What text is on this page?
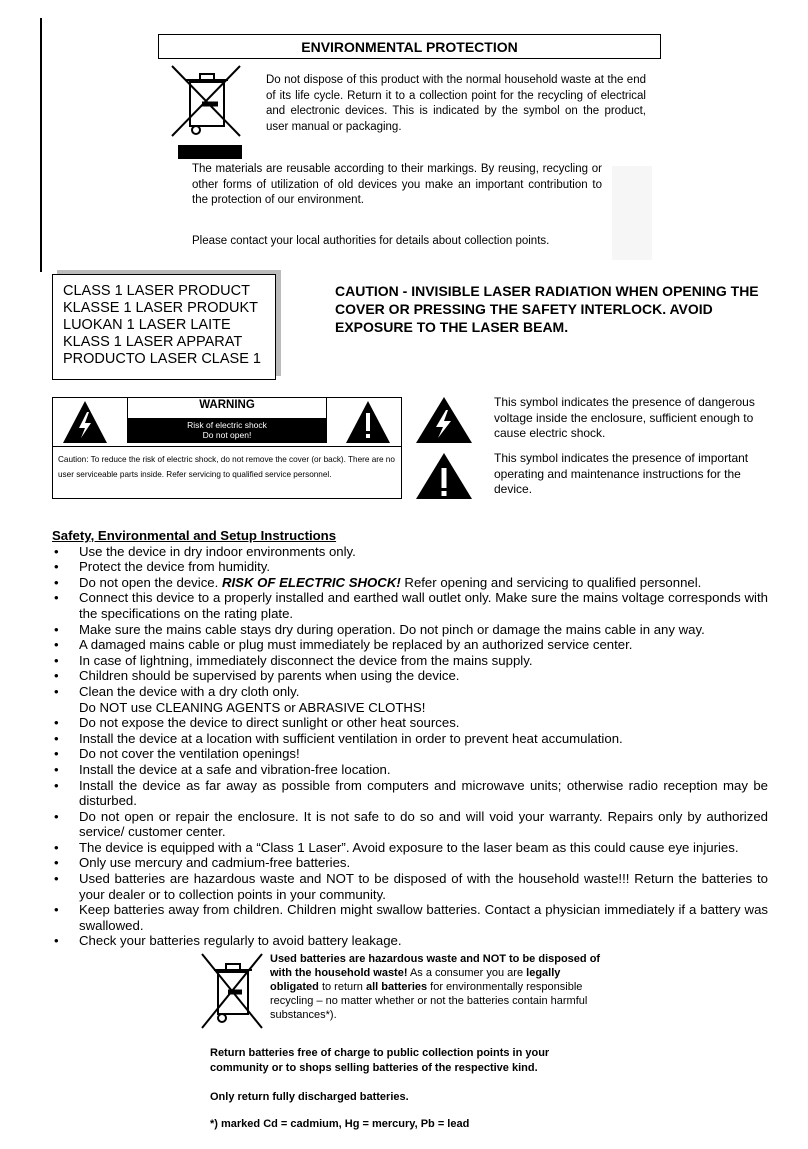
ENVIRONMENTAL PROTECTION
Do not dispose of this product with the normal household waste at the end of its life cycle. Return it to a collection point for the recycling of electrical and electronic devices. This is indicated by the symbol on the product, user manual or packaging.
The materials are reusable according to their markings. By reusing, recycling or other forms of utilization of old devices you make an important contribution to the protection of our environment.
Please contact your local authorities for details about collection points.
CLASS 1 LASER PRODUCT
KLASSE 1 LASER PRODUKT
LUOKAN 1 LASER LAITE
KLASS 1 LASER APPARAT
PRODUCTO LASER CLASE 1
CAUTION - INVISIBLE LASER RADIATION WHEN OPENING THE COVER OR PRESSING THE SAFETY INTERLOCK. AVOID EXPOSURE TO THE LASER BEAM.
WARNING
Risk of electric shock
Do not open!
Caution: To reduce the risk of electric shock, do not remove the cover (or back). There are no user serviceable parts inside. Refer servicing to qualified service personnel.
This symbol indicates the presence of dangerous voltage inside the enclosure, sufficient enough to cause electric shock.
This symbol indicates the presence of important operating and maintenance instructions for the device.
Safety, Environmental and Setup Instructions
• Use the device in dry indoor environments only.
• Protect the device from humidity.
• Do not open the device. RISK OF ELECTRIC SHOCK! Refer opening and servicing to qualified personnel.
• Connect this device to a properly installed and earthed wall outlet only. Make sure the mains voltage corresponds with the specifications on the rating plate.
• Make sure the mains cable stays dry during operation. Do not pinch or damage the mains cable in any way.
• A damaged mains cable or plug must immediately be replaced by an authorized service center.
• In case of lightning, immediately disconnect the device from the mains supply.
• Children should be supervised by parents when using the device.
• Clean the device with a dry cloth only.
Do NOT use CLEANING AGENTS or ABRASIVE CLOTHS!
• Do not expose the device to direct sunlight or other heat sources.
• Install the device at a location with sufficient ventilation in order to prevent heat accumulation.
• Do not cover the ventilation openings!
• Install the device at a safe and vibration-free location.
• Install the device as far away as possible from computers and microwave units; otherwise radio reception may be disturbed.
• Do not open or repair the enclosure. It is not safe to do so and will void your warranty. Repairs only by authorized service/ customer center.
• The device is equipped with a “Class 1 Laser”. Avoid exposure to the laser beam as this could cause eye injuries.
• Only use mercury and cadmium-free batteries.
• Used batteries are hazardous waste and NOT to be disposed of with the household waste!!! Return the batteries to your dealer or to collection points in your community.
• Keep batteries away from children. Children might swallow batteries. Contact a physician immediately if a battery was swallowed.
• Check your batteries regularly to avoid battery leakage.
Used batteries are hazardous waste and NOT to be disposed of with the household waste! As a consumer you are legally obligated to return all batteries for environmentally responsible recycling – no matter whether or not the batteries contain harmful substances*).
Return batteries free of charge to public collection points in your community or to shops selling batteries of the respective kind.
Only return fully discharged batteries.
*) marked Cd = cadmium, Hg = mercury, Pb = lead
